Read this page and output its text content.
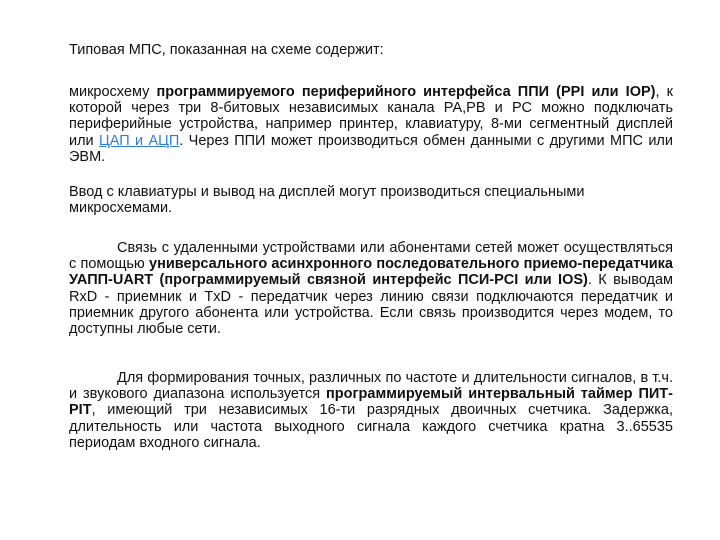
Типовая МПС, показанная на схеме содержит:
микросхему программируемого периферийного интерфейса ППИ (PPI или IOP), к которой через три 8-битовых независимых канала РА,РВ и РС можно подключать периферийные устройства, например принтер, клавиатуру, 8-ми сегментный дисплей или ЦАП и АЦП. Через ППИ может производиться обмен данными с другими МПС или ЭВМ.
Ввод с клавиатуры и вывод на дисплей могут производиться специальными микросхемами.
Связь с удаленными устройствами или абонентами сетей может осуществляться с помощью универсального асинхронного последовательного приемо-передатчика УАПП-UART (программируемый связной интерфейс ПСИ-PCI или IOS). К выводам RxD - приемник и TxD - передатчик через линию связи подключаются передатчик и приемник другого абонента или устройства. Если связь производится через модем, то доступны любые сети.
Для формирования точных, различных по частоте и длительности сигналов, в т.ч. и звукового диапазона используется программируемый интервальный таймер ПИТ-PIT, имеющий три независимых 16-ти разрядных двоичных счетчика. Задержка, длительность или частота выходного сигнала каждого счетчика кратна 3..65535 периодам входного сигнала.
